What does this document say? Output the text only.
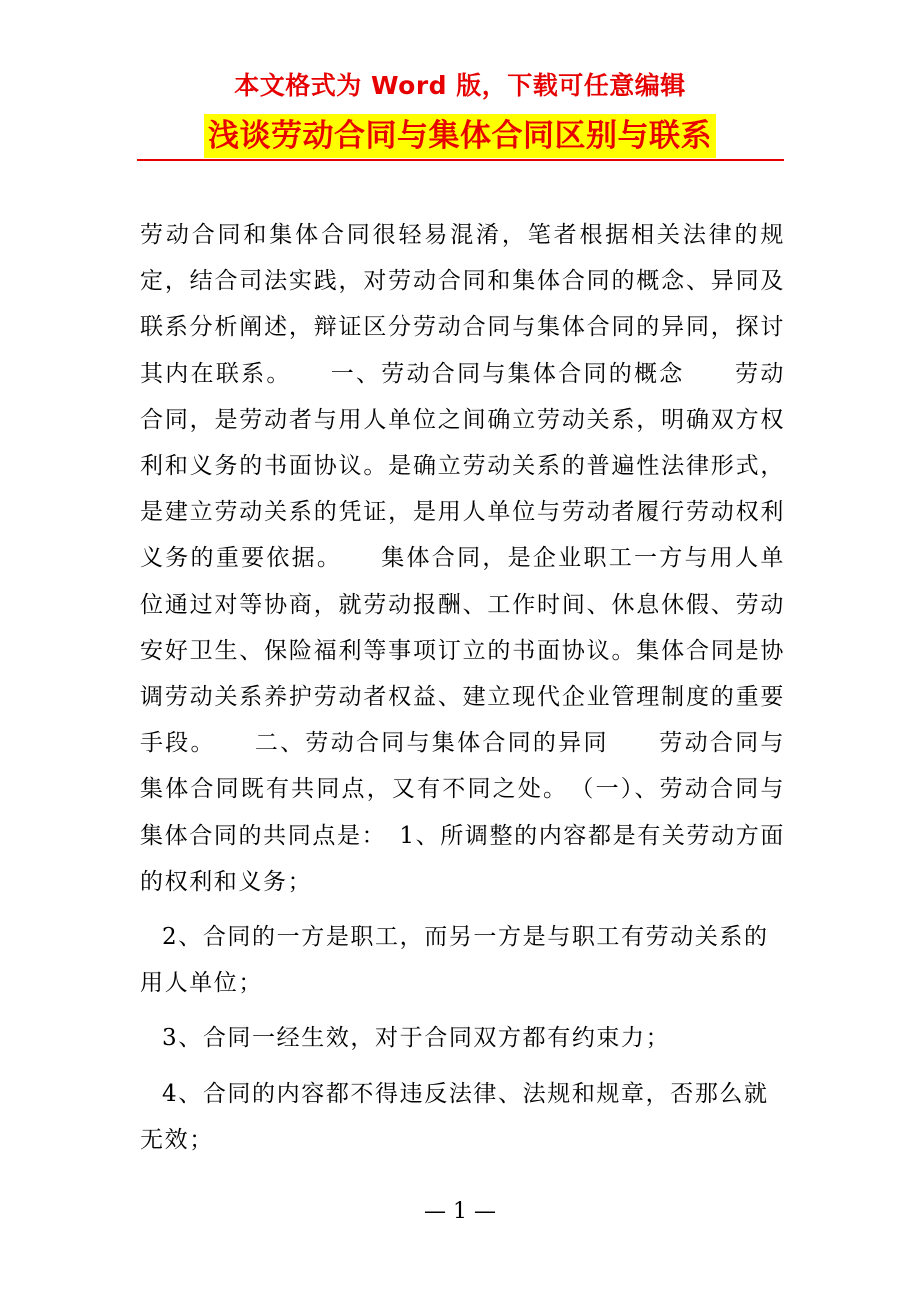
本文格式为 Word 版，下载可任意编辑
浅谈劳动合同与集体合同区别与联系

劳动合同和集体合同很轻易混淆，笔者根据相关法律的规定，结合司法实践，对劳动合同和集体合同的概念、异同及联系分析阐述，辩证区分劳动合同与集体合同的异同，探讨其内在联系。　　一、劳动合同与集体合同的概念　　劳动合同，是劳动者与用人单位之间确立劳动关系，明确双方权利和义务的书面协议。是确立劳动关系的普遍性法律形式，是建立劳动关系的凭证，是用人单位与劳动者履行劳动权利义务的重要依据。　　集体合同，是企业职工一方与用人单位通过对等协商，就劳动报酬、工作时间、休息休假、劳动安好卫生、保险福利等事项订立的书面协议。集体合同是协调劳动关系养护劳动者权益、建立现代企业管理制度的重要手段。　　二、劳动合同与集体合同的异同　　劳动合同与集体合同既有共同点，又有不同之处。　（一）、劳动合同与集体合同的共同点是：　1、所调整的内容都是有关劳动方面的权利和义务；

2、合同的一方是职工，而另一方是与职工有劳动关系的用人单位；

3、合同一经生效，对于合同双方都有约束力；

4、合同的内容都不得违反法律、法规和规章，否那么就无效；

— 1 —
